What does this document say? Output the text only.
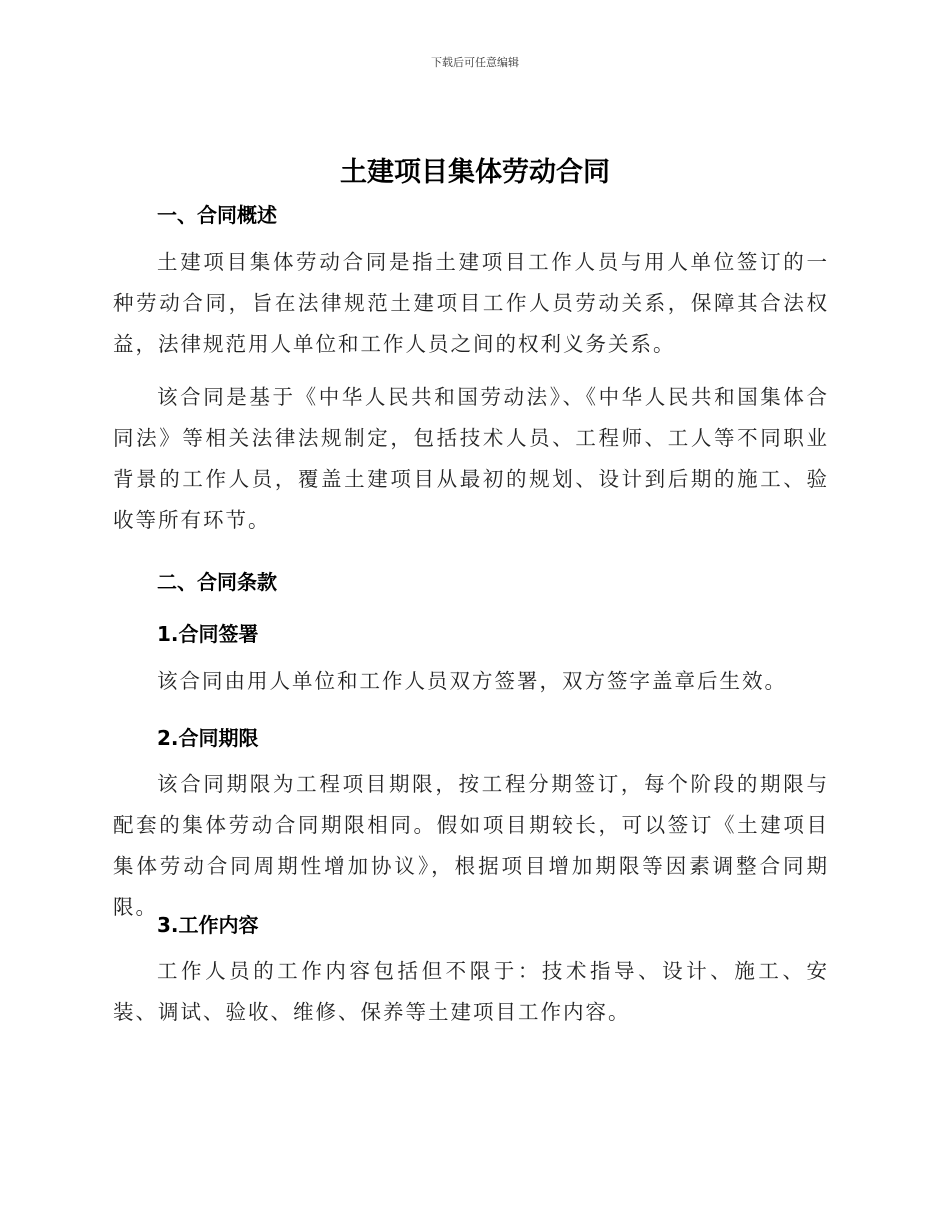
下载后可任意编辑
土建项目集体劳动合同
一、合同概述

土建项目集体劳动合同是指土建项目工作人员与用人单位签订的一种劳动合同，旨在法律规范土建项目工作人员劳动关系，保障其合法权益，法律规范用人单位和工作人员之间的权利义务关系。

该合同是基于《中华人民共和国劳动法》、《中华人民共和国集体合同法》等相关法律法规制定，包括技术人员、工程师、工人等不同职业背景的工作人员，覆盖土建项目从最初的规划、设计到后期的施工、验收等所有环节。

二、合同条款
1.合同签署

该合同由用人单位和工作人员双方签署，双方签字盖章后生效。

2.合同期限

该合同期限为工程项目期限，按工程分期签订，每个阶段的期限与配套的集体劳动合同期限相同。假如项目期较长，可以签订《土建项目集体劳动合同周期性增加协议》，根据项目增加期限等因素调整合同期限。

3.工作内容

工作人员的工作内容包括但不限于：技术指导、设计、施工、安装、调试、验收、维修、保养等土建项目工作内容。
